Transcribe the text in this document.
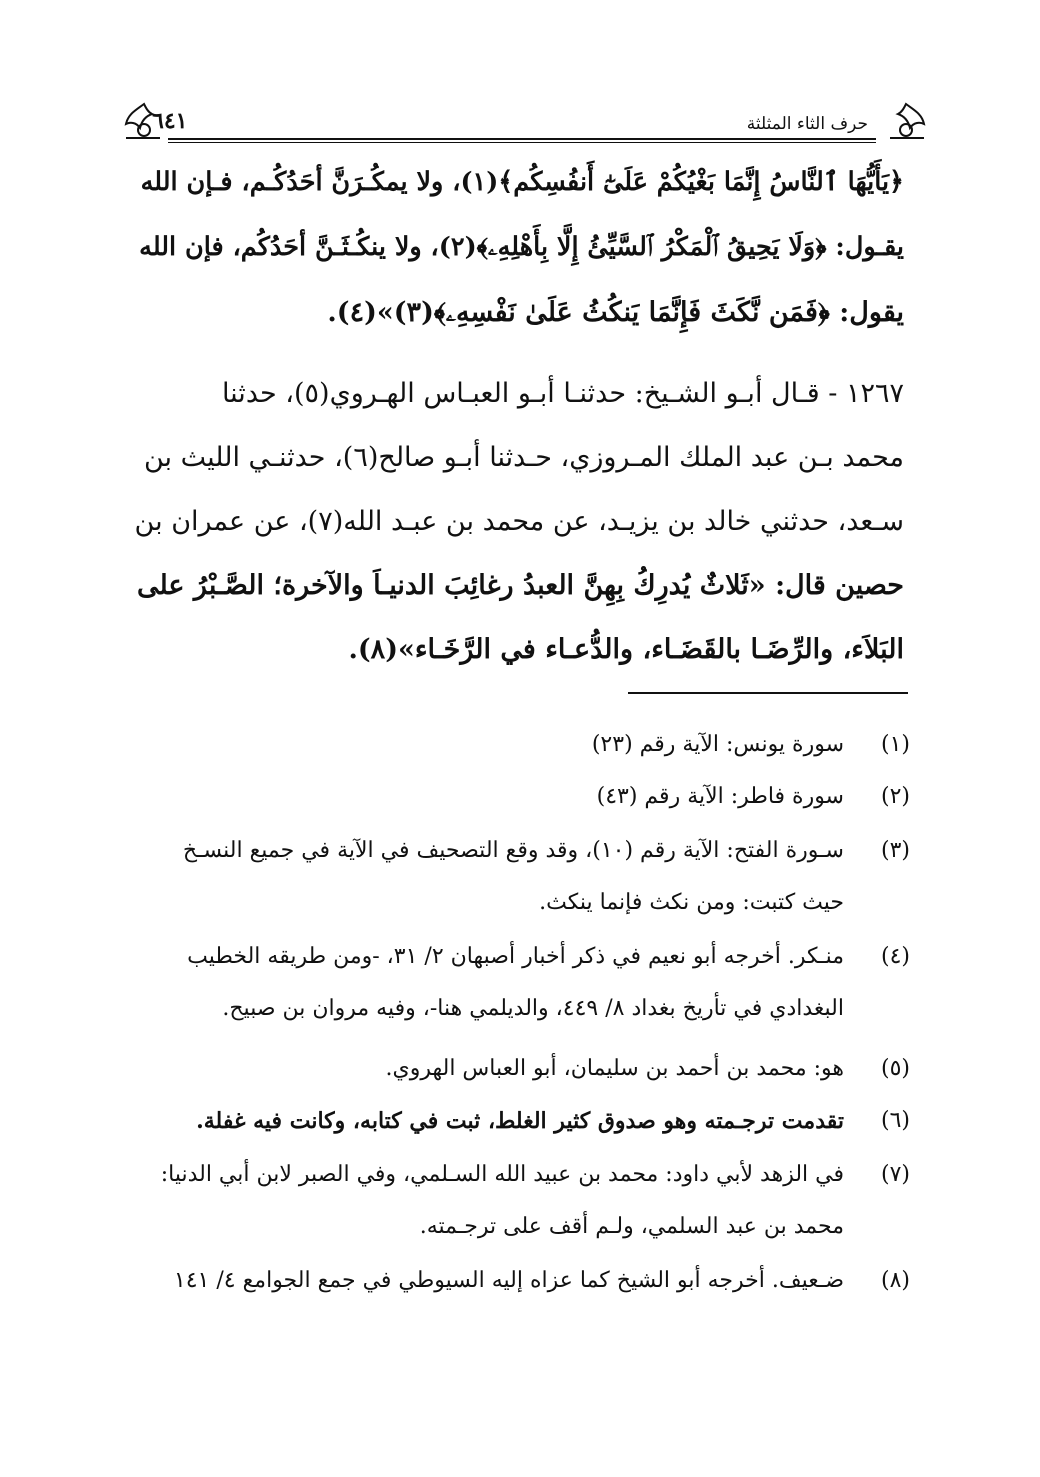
حرف الثاء المثلثة
٦٤١
﴿يَأَيُّهَا ٱلنَّاسُ إِنَّمَا بَغْيُكُمْ عَلَىٰٓ أَنفُسِكُم﴾(١)، ولا يمكُـرَنَّ أحَدُكُـم، فـإن الله
يقـول: ﴿وَلَا يَحِيقُ ٱلْمَكْرُ ٱلسَّيِّئُ إِلَّا بِأَهْلِهِۦ﴾(٢)، ولا ينكُـثَـنَّ أحَدُكُم، فإن الله
يقول: ﴿فَمَن نَّكَثَ فَإِنَّمَا يَنكُثُ عَلَىٰ نَفْسِهِۦ﴾(٣)»(٤).
١٢٦٧ - قـال أبـو الشـيخ: حدثنـا أبـو العبـاس الهـروي(٥)، حدثنا
محمد بـن عبد الملك المـروزي، حـدثنا أبـو صالح(٦)، حدثنـي الليث بن
سـعد، حدثني خالد بن يزيـد، عن محمد بن عبـد الله(٧)، عن عمران بن
حصين قال: «ثَلاثٌ يُدرِكُ بِهِنَّ العبدُ رغائِبَ الدنيـاَ والآخرة؛ الصَّـبْرُ على
البَلاَء، والرِّضَـا بالقَضَـاء، والدُّعـاء في الرَّخَـاء»(٨).
(١)
سورة يونس: الآية رقم (٢٣)
(٢)
سورة فاطر: الآية رقم (٤٣)
(٣)
سـورة الفتح: الآية رقم (١٠)، وقد وقع التصحيف في الآية في جميع النسـخ
حيث كتبت: ومن نكث فإنما ينكث.
(٤)
منـكر. أخرجه أبو نعيم في ذكر أخبار أصبهان ٢/ ٣١، -ومن طريقه الخطيب
البغدادي في تأريخ بغداد ٨/ ٤٤٩، والديلمي هنا-، وفيه مروان بن صبيح.
(٥)
هو: محمد بن أحمد بن سليمان، أبو العباس الهروي.
(٦)
تقدمت ترجـمته وهو صدوق كثير الغلط، ثبت في كتابه، وكانت فيه غفلة.
(٧)
في الزهد لأبي داود: محمد بن عبيد الله السـلمي، وفي الصبر لابن أبي الدنيا:
محمد بن عبد السلمي، ولـم أقف على ترجـمته.
(٨)
ضـعيف. أخرجه أبو الشيخ كما عزاه إليه السيوطي في جمع الجوامع ٤/ ١٤١
